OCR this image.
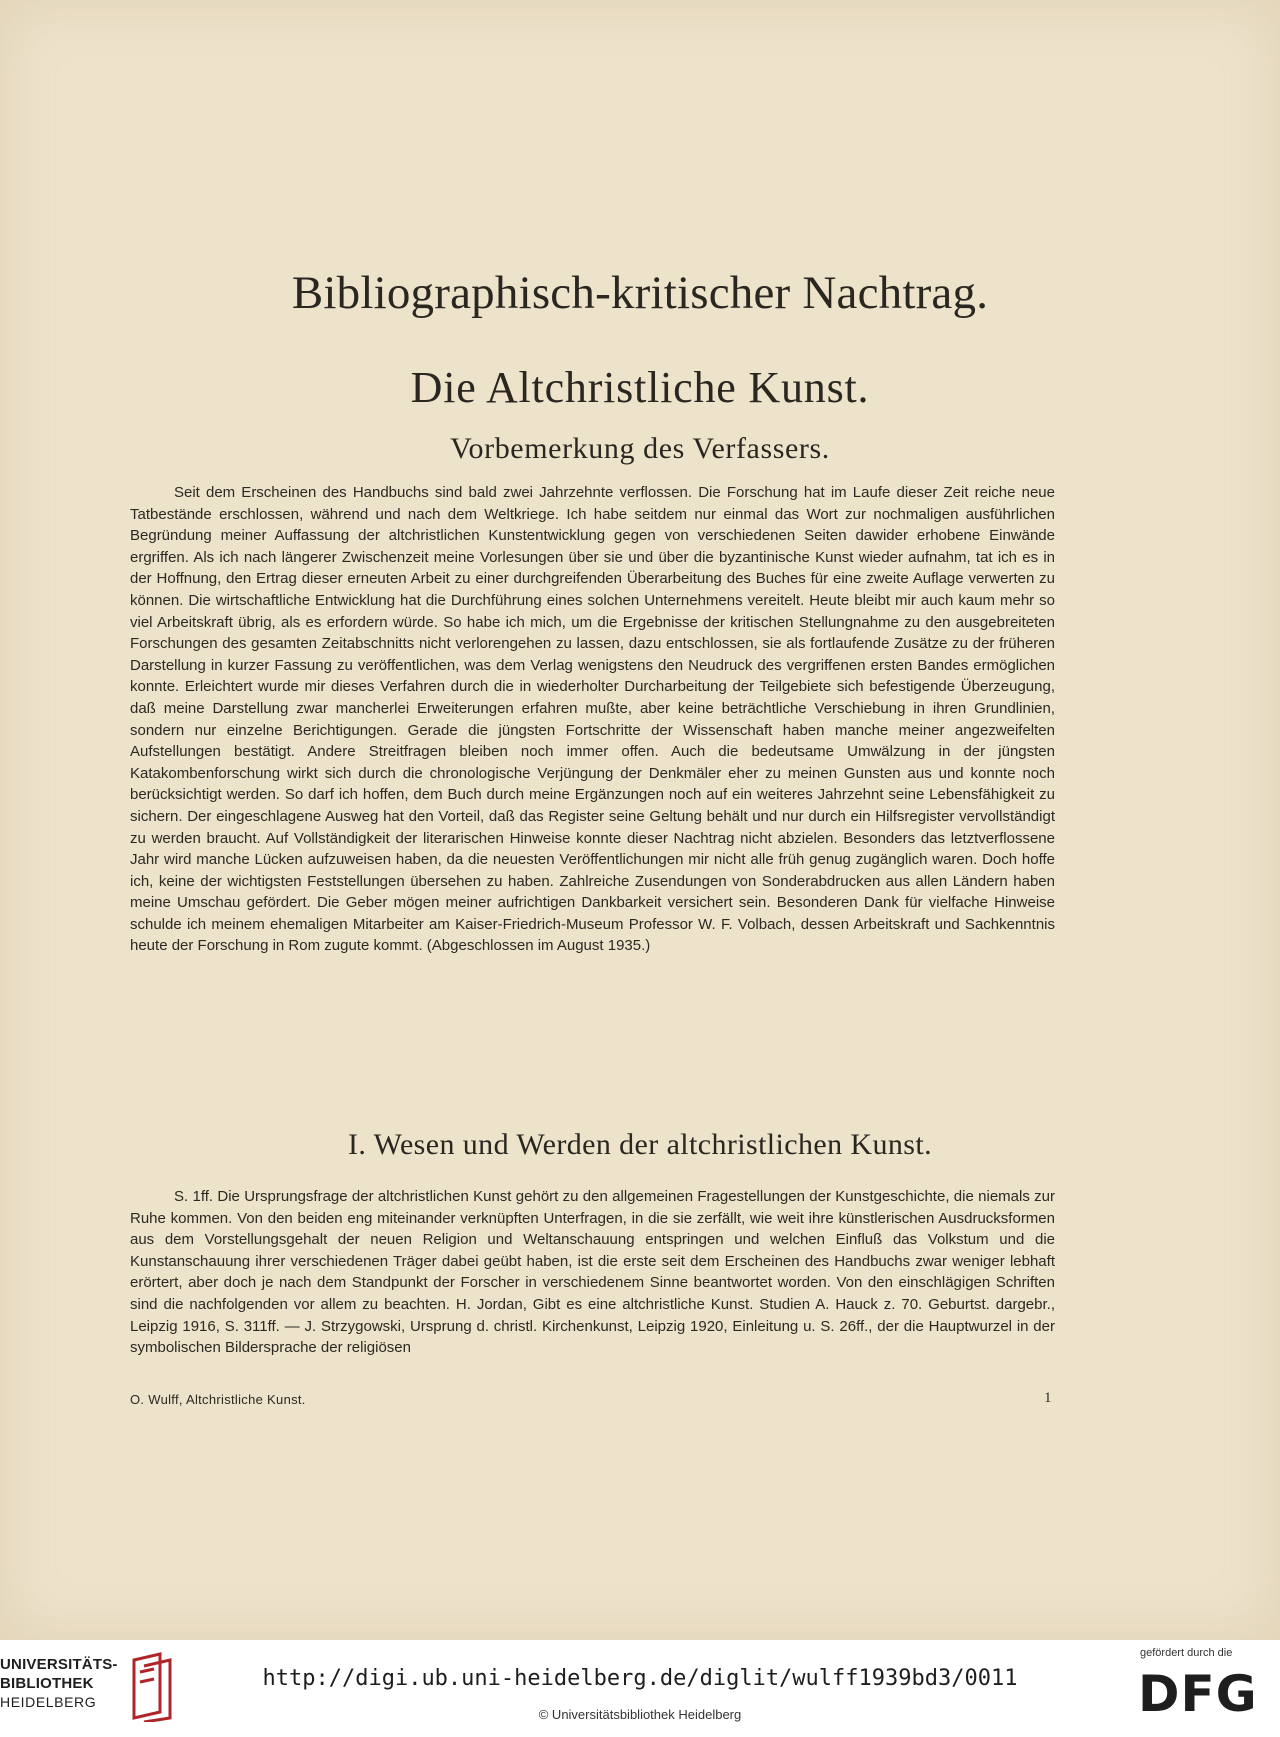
Bibliographisch-kritischer Nachtrag.
Die Altchristliche Kunst.
Vorbemerkung des Verfassers.

Seit dem Erscheinen des Handbuchs sind bald zwei Jahrzehnte verflossen. Die Forschung hat im Laufe dieser Zeit reiche neue Tatbestände erschlossen, während und nach dem Weltkriege. Ich habe seitdem nur einmal das Wort zur nochmaligen ausführlichen Begründung meiner Auffassung der altchristlichen Kunstentwicklung gegen von verschiedenen Seiten dawider erhobene Einwände ergriffen. Als ich nach längerer Zwischenzeit meine Vorlesungen über sie und über die byzantinische Kunst wieder aufnahm, tat ich es in der Hoffnung, den Ertrag dieser erneuten Arbeit zu einer durchgreifenden Überarbeitung des Buches für eine zweite Auflage verwerten zu können. Die wirtschaftliche Entwicklung hat die Durchführung eines solchen Unternehmens vereitelt. Heute bleibt mir auch kaum mehr so viel Arbeitskraft übrig, als es erfordern würde. So habe ich mich, um die Ergebnisse der kritischen Stellungnahme zu den ausgebreiteten Forschungen des gesamten Zeitabschnitts nicht verlorengehen zu lassen, dazu entschlossen, sie als fortlaufende Zusätze zu der früheren Darstellung in kurzer Fassung zu veröffentlichen, was dem Verlag wenigstens den Neudruck des vergriffenen ersten Bandes ermöglichen konnte. Erleichtert wurde mir dieses Verfahren durch die in wiederholter Durcharbeitung der Teilgebiete sich befestigende Überzeugung, daß meine Darstellung zwar mancherlei Erweiterungen erfahren mußte, aber keine beträchtliche Verschiebung in ihren Grundlinien, sondern nur einzelne Berichtigungen. Gerade die jüngsten Fortschritte der Wissenschaft haben manche meiner angezweifelten Aufstellungen bestätigt. Andere Streitfragen bleiben noch immer offen. Auch die bedeutsame Umwälzung in der jüngsten Katakombenforschung wirkt sich durch die chronologische Verjüngung der Denkmäler eher zu meinen Gunsten aus und konnte noch berücksichtigt werden. So darf ich hoffen, dem Buch durch meine Ergänzungen noch auf ein weiteres Jahrzehnt seine Lebensfähigkeit zu sichern. Der eingeschlagene Ausweg hat den Vorteil, daß das Register seine Geltung behält und nur durch ein Hilfsregister vervollständigt zu werden braucht. Auf Vollständigkeit der literarischen Hinweise konnte dieser Nachtrag nicht abzielen. Besonders das letztverflossene Jahr wird manche Lücken aufzuweisen haben, da die neuesten Veröffentlichungen mir nicht alle früh genug zugänglich waren. Doch hoffe ich, keine der wichtigsten Feststellungen übersehen zu haben. Zahlreiche Zusendungen von Sonderabdrucken aus allen Ländern haben meine Umschau gefördert. Die Geber mögen meiner aufrichtigen Dankbarkeit versichert sein. Besonderen Dank für vielfache Hinweise schulde ich meinem ehemaligen Mitarbeiter am Kaiser-Friedrich-Museum Professor W. F. Volbach, dessen Arbeitskraft und Sachkenntnis heute der Forschung in Rom zugute kommt. (Abgeschlossen im August 1935.)

I. Wesen und Werden der altchristlichen Kunst.

S. 1ff. Die Ursprungsfrage der altchristlichen Kunst gehört zu den allgemeinen Fragestellungen der Kunstgeschichte, die niemals zur Ruhe kommen. Von den beiden eng miteinander verknüpften Unterfragen, in die sie zerfällt, wie weit ihre künstlerischen Ausdrucksformen aus dem Vorstellungsgehalt der neuen Religion und Weltanschauung entspringen und welchen Einfluß das Volkstum und die Kunstanschauung ihrer verschiedenen Träger dabei geübt haben, ist die erste seit dem Erscheinen des Handbuchs zwar weniger lebhaft erörtert, aber doch je nach dem Standpunkt der Forscher in verschiedenem Sinne beantwortet worden. Von den einschlägigen Schriften sind die nachfolgenden vor allem zu beachten. H. Jordan, Gibt es eine altchristliche Kunst. Studien A. Hauck z. 70. Geburtst. dargebr., Leipzig 1916, S. 311ff. — J. Strzygowski, Ursprung d. christl. Kirchenkunst, Leipzig 1920, Einleitung u. S. 26ff., der die Hauptwurzel in der symbolischen Bildersprache der religiösen

O. Wulff, Altchristliche Kunst.	1
UNIVERSITÄTS-
BIBLIOTHEK
HEIDELBERG
http://digi.ub.uni-heidelberg.de/diglit/wulff1939bd3/0011
© Universitätsbibliothek Heidelberg
gefördert durch die
DFG
